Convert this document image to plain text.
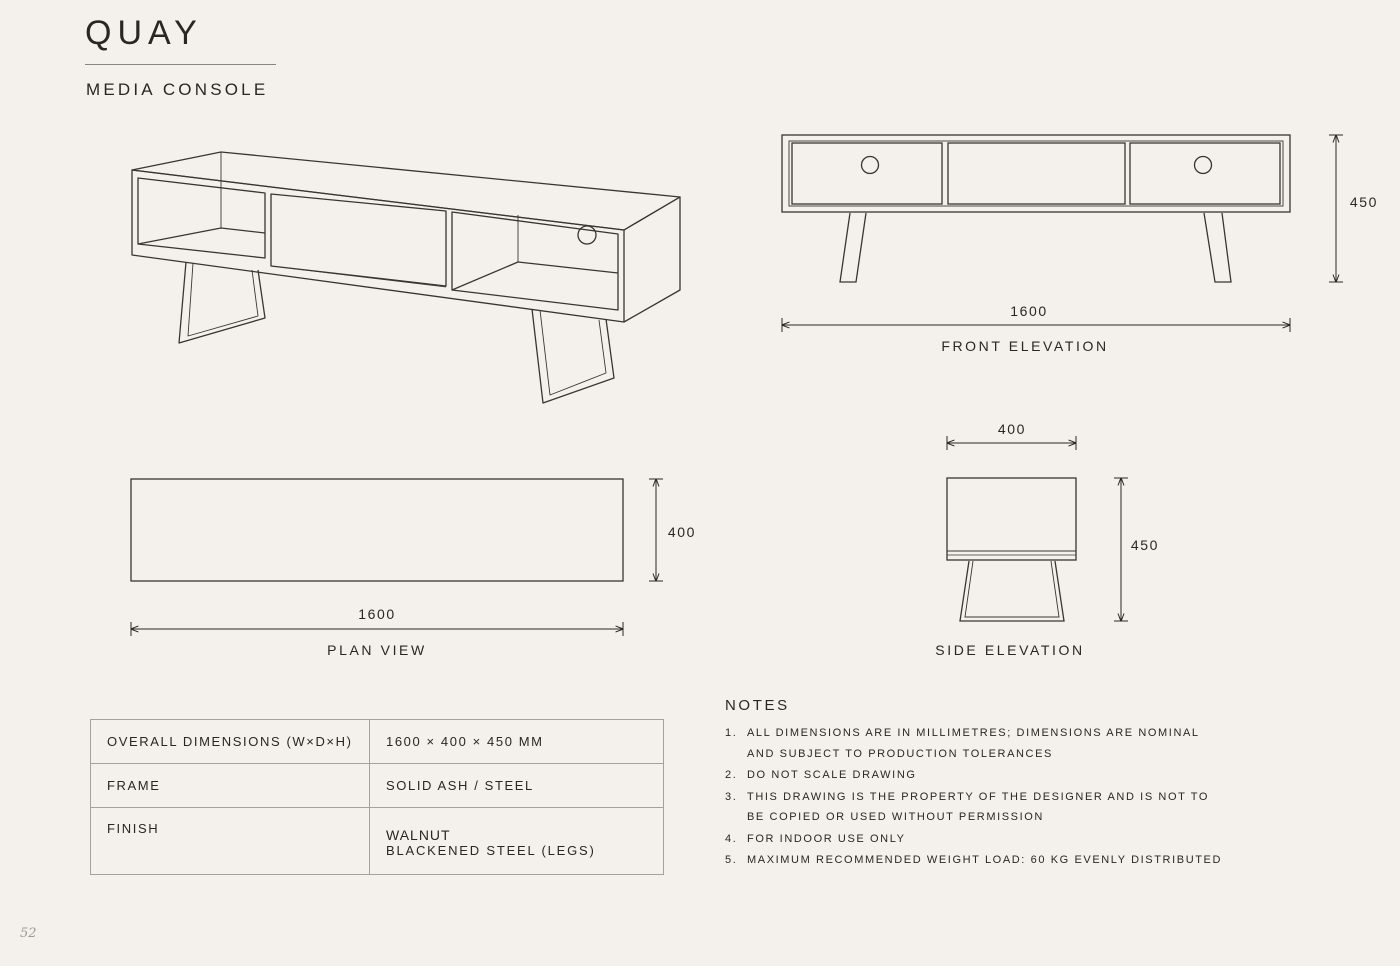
QUAY
MEDIA CONSOLE
1600
450
FRONT ELEVATION
1600
400
PLAN VIEW
400
450
SIDE ELEVATION
OVERALL DIMENSIONS (W×D×H)	1600 × 400 × 450 MM
FRAME	SOLID ASH / STEEL
FINISH	WALNUT
BLACKENED STEEL (LEGS)
NOTES
1. ALL DIMENSIONS ARE IN MILLIMETRES; DIMENSIONS ARE NOMINAL
AND SUBJECT TO PRODUCTION TOLERANCES
2. DO NOT SCALE DRAWING
3. THIS DRAWING IS THE PROPERTY OF THE DESIGNER AND IS NOT TO
BE COPIED OR USED WITHOUT PERMISSION
4. FOR INDOOR USE ONLY
5. MAXIMUM RECOMMENDED WEIGHT LOAD: 60 KG EVENLY DISTRIBUTED
52
